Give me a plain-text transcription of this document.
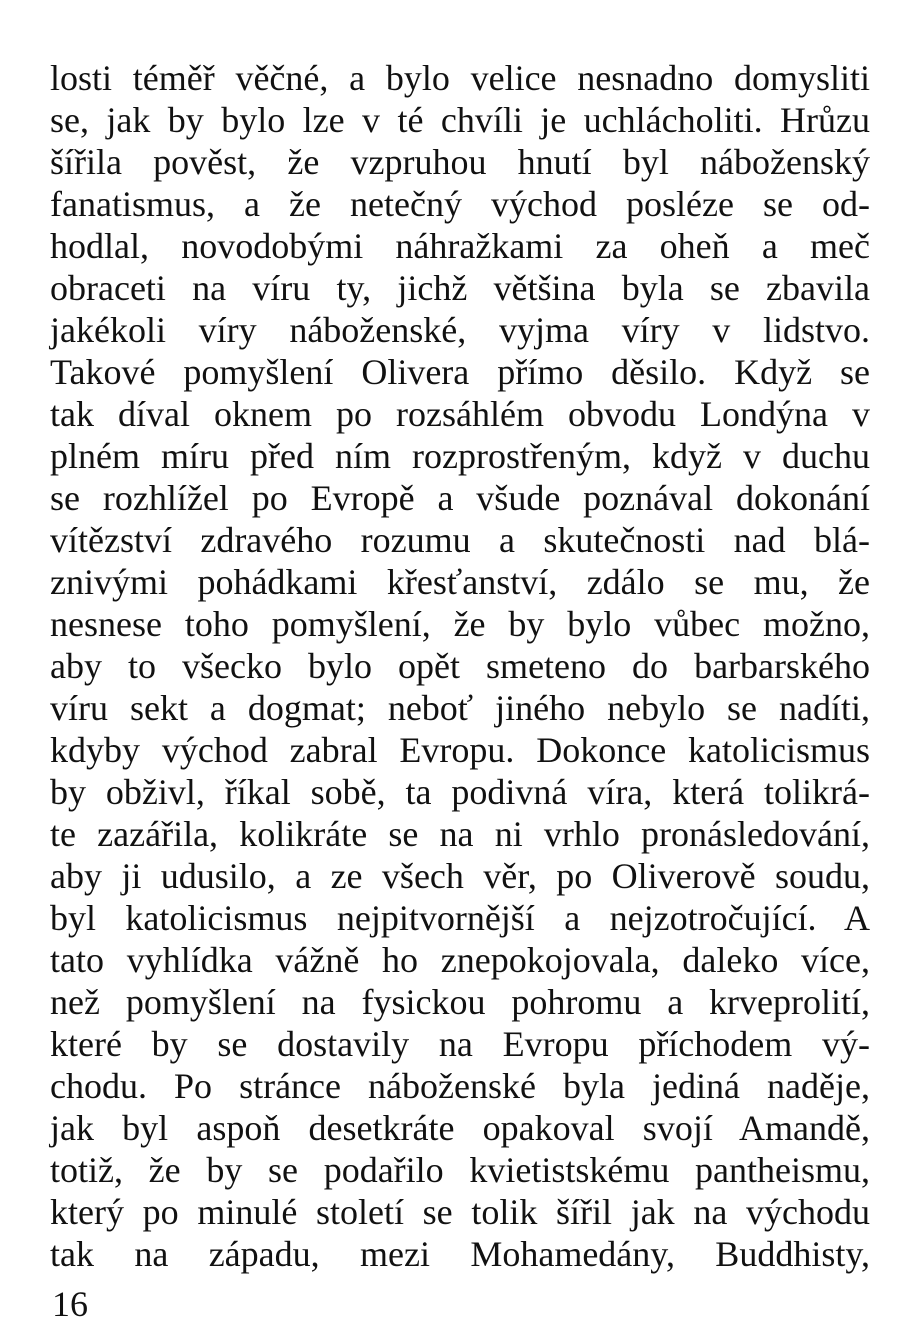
losti téměř věčné, a bylo velice nesnadno domysliti
se, jak by bylo lze v té chvíli je uchlácholiti. Hrůzu
šířila pověst, že vzpruhou hnutí byl náboženský
fanatismus, a že netečný východ posléze se od-
hodlal, novodobými náhražkami za oheň a meč
obraceti na víru ty, jichž většina byla se zbavila
jakékoli víry náboženské, vyjma víry v lidstvo.
Takové pomyšlení Olivera přímo děsilo. Když se
tak díval oknem po rozsáhlém obvodu Londýna v
plném míru před ním rozprostřeným, když v duchu
se rozhlížel po Evropě a všude poznával dokonání
vítězství zdravého rozumu a skutečnosti nad blá-
znivými pohádkami křesťanství, zdálo se mu, že
nesnese toho pomyšlení, že by bylo vůbec možno,
aby to všecko bylo opět smeteno do barbarského
víru sekt a dogmat; neboť jiného nebylo se nadíti,
kdyby východ zabral Evropu. Dokonce katolicismus
by obživl, říkal sobě, ta podivná víra, která tolikrá-
te zazářila, kolikráte se na ni vrhlo pronásledování,
aby ji udusilo, a ze všech věr, po Oliverově soudu,
byl katolicismus nejpitvornější a nejzotročující. A
tato vyhlídka vážně ho znepokojovala, daleko více,
než pomyšlení na fysickou pohromu a krveprolití,
které by se dostavily na Evropu příchodem vý-
chodu. Po stránce náboženské byla jediná naděje,
jak byl aspoň desetkráte opakoval svojí Amandě,
totiž, že by se podařilo kvietistskému pantheismu,
který po minulé století se tolik šířil jak na východu
tak na západu, mezi Mohamedány, Buddhisty,
16
